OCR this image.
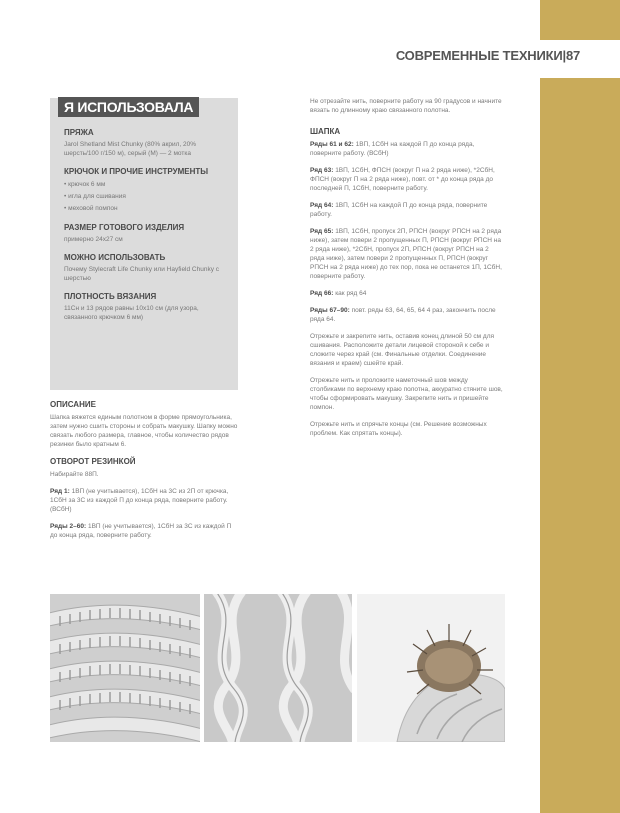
СОВРЕМЕННЫЕ ТЕХНИКИ|87
Я ИСПОЛЬЗОВАЛА
ПРЯЖА
Jarol Shetland Mist Chunky (80% акрил, 20% шерсть/100 г/150 м), серый (M) — 2 мотка
КРЮЧОК И ПРОЧИЕ ИНСТРУМЕНТЫ
• крючок 6 мм
• игла для сшивания
• меховой помпон
РАЗМЕР ГОТОВОГО ИЗДЕЛИЯ
примерно 24х27 см
МОЖНО ИСПОЛЬЗОВАТЬ
Почему Stylecraft Life Chunky или Hayfield Chunky с шерстью
ПЛОТНОСТЬ ВЯЗАНИЯ
11Сн и 13 рядов равны 10х10 см (для узора, связанного крючком 6 мм)
ОПИСАНИЕ
Шапка вяжется единым полотном в форме прямоугольника, затем нужно сшить стороны и собрать макушку. Шапку можно связать любого размера, главное, чтобы количество рядов резинки было кратным 6.
ОТВОРОТ РЕЗИНКОЙ
Набирайте 88П.
Ряд 1: 1ВП (не учитывается), 1СбН на 3С из 2П от крючка, 1СбН за 3С из каждой П до конца ряда, поверните работу. (ВСбН)
Ряды 2–60: 1ВП (не учитывается), 1СбН за 3С из каждой П до конца ряда, поверните работу.
Не отрезайте нить, поверните работу на 90 градусов и начните вязать по длинному краю связанного полотна.
ШАПКА
Ряды 61 и 62: 1ВП, 1СбН на каждой П до конца ряда, поверните работу. (ВСбН)
Ряд 63: 1ВП, 1СбН, ФПСН (вокруг П на 2 ряда ниже), *2СбН, ФПСН (вокруг П на 2 ряда ниже), повт. от * до конца ряда до последней П, 1СбН, поверните работу.
Ряд 64: 1ВП, 1СбН на каждой П до конца ряда, поверните работу.
Ряд 65: 1ВП, 1СбН, пропуск 2П, РПСН (вокруг РПСН на 2 ряда ниже), затем повери 2 пропущенных П, РПСН (вокруг РПСН на 2 ряда ниже), *2СбН, пропуск 2П, РПСН (вокруг РПСН на 2 ряда ниже), затем повери 2 пропущенных П, РПСН (вокруг РПСН на 2 ряда ниже) до тех пор, пока не останется 1П, 1СбН, поверните работу.
Ряд 66: как ряд 64
Ряды 67–90: повт. ряды 63, 64, 65, 64 4 раз, закончить после ряда 64.
Отрежьте и закрепите нить, оставив конец длиной 50 см для сшивания. Расположите детали лицевой стороной к себе и сложите через край (см. Финальные отделки. Соединение вязания и краем) сшейте край.
Отрежьте нить и проложите наметочный шов между столбиками по верхнему краю полотна, аккуратно стяните шов, чтобы сформировать макушку. Закрепите нить и пришейте помпон.
Отрежьте нить и спрячьте концы (см. Решение возможных проблем. Как спрятать концы).
